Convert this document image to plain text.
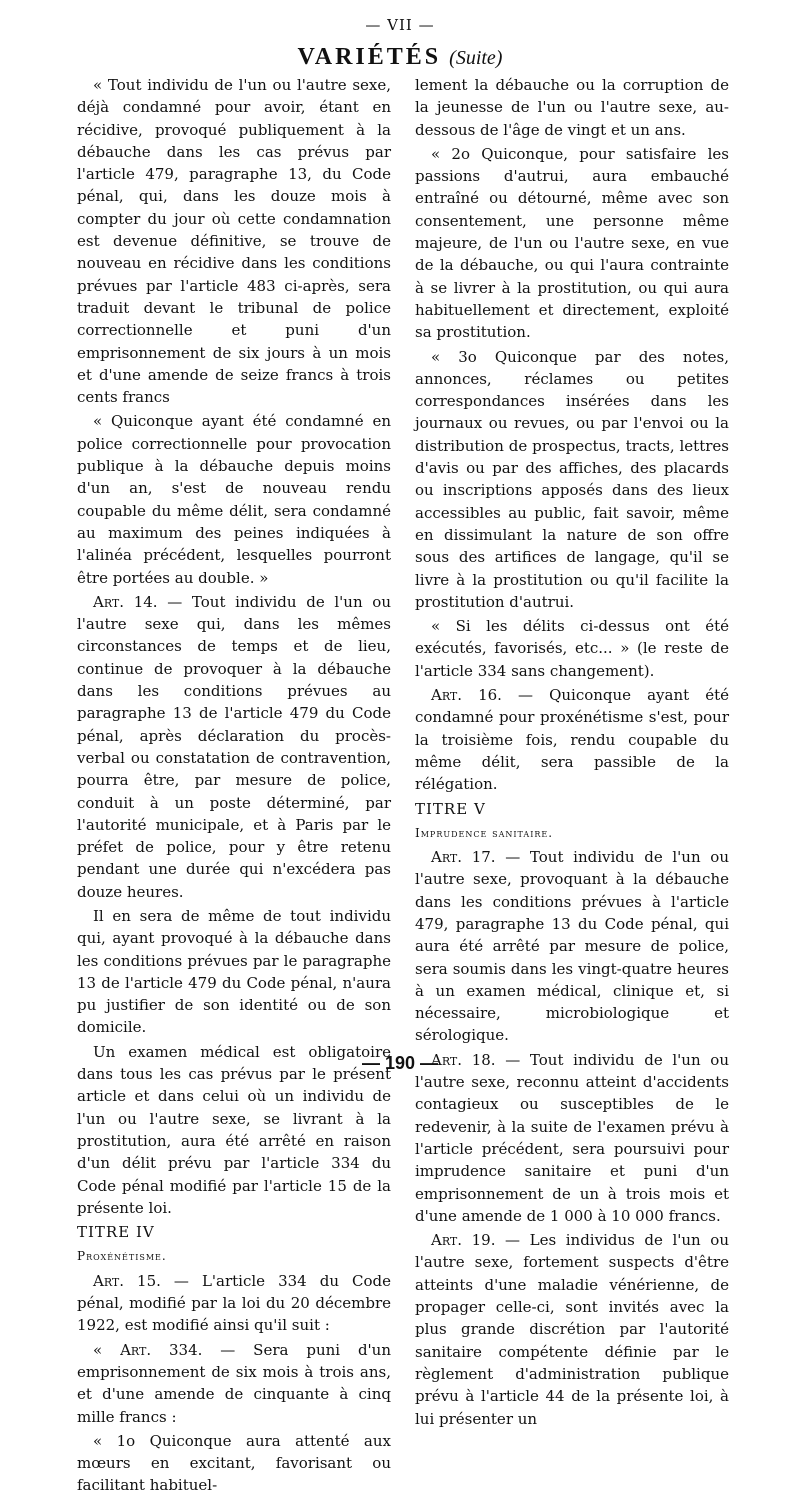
— VII —
VARIÉTÉS (Suite)

« Tout individu de l'un ou l'autre sexe, déjà condamné pour avoir, étant en récidive, provoqué publiquement à la débauche dans les cas prévus par l'article 479, paragraphe 13, du Code pénal, qui, dans les douze mois à compter du jour où cette condamnation est devenue définitive, se trouve de nouveau en récidive dans les conditions prévues par l'article 483 ci-après, sera traduit devant le tribunal de police correctionnelle et puni d'un emprisonnement de six jours à un mois et d'une amende de seize francs à trois cents francs

« Quiconque ayant été condamné en police correctionnelle pour provocation publique à la débauche depuis moins d'un an, s'est de nouveau rendu coupable du même délit, sera condamné au maximum des peines indiquées à l'alinéa précédent, lesquelles pourront être portées au double. »

Art. 14. — Tout individu de l'un ou l'autre sexe qui, dans les mêmes circonstances de temps et de lieu, continue de provoquer à la débauche dans les conditions prévues au paragraphe 13 de l'article 479 du Code pénal, après déclaration du procès-verbal ou constatation de contravention, pourra être, par mesure de police, conduit à un poste déterminé, par l'autorité municipale, et à Paris par le préfet de police, pour y être retenu pendant une durée qui n'excédera pas douze heures.

Il en sera de même de tout individu qui, ayant provoqué à la débauche dans les conditions prévues par le paragraphe 13 de l'article 479 du Code pénal, n'aura pu justifier de son identité ou de son domicile.

Un examen médical est obligatoire dans tous les cas prévus par le présent article et dans celui où un individu de l'un ou l'autre sexe, se livrant à la prostitution, aura été arrêté en raison d'un délit prévu par l'article 334 du Code pénal modifié par l'article 15 de la présente loi.

TITRE IV

Proxénétisme.

Art. 15. — L'article 334 du Code pénal, modifié par la loi du 20 décembre 1922, est modifié ainsi qu'il suit :

« Art. 334. — Sera puni d'un emprisonnement de six mois à trois ans, et d'une amende de cinquante à cinq mille francs :

« 1o Quiconque aura attenté aux mœurs en excitant, favorisant ou facilitant habituel-

lement la débauche ou la corruption de la jeunesse de l'un ou l'autre sexe, au-dessous de l'âge de vingt et un ans.

« 2o Quiconque, pour satisfaire les passions d'autrui, aura embauché entraîné ou détourné, même avec son consentement, une personne même majeure, de l'un ou l'autre sexe, en vue de la débauche, ou qui l'aura contrainte à se livrer à la prostitution, ou qui aura habituellement et directement, exploité sa prostitution.

« 3o Quiconque par des notes, annonces, réclames ou petites correspondances insérées dans les journaux ou revues, ou par l'envoi ou la distribution de prospectus, tracts, lettres d'avis ou par des affiches, des placards ou inscriptions apposés dans des lieux accessibles au public, fait savoir, même en dissimulant la nature de son offre sous des artifices de langage, qu'il se livre à la prostitution ou qu'il facilite la prostitution d'autrui.

« Si les délits ci-dessus ont été exécutés, favorisés, etc... » (le reste de l'article 334 sans changement).

Art. 16. — Quiconque ayant été condamné pour proxénétisme s'est, pour la troisième fois, rendu coupable du même délit, sera passible de la rélégation.

TITRE V

Imprudence sanitaire.

Art. 17. — Tout individu de l'un ou l'autre sexe, provoquant à la débauche dans les conditions prévues à l'article 479, paragraphe 13 du Code pénal, qui aura été arrêté par mesure de police, sera soumis dans les vingt-quatre heures à un examen médical, clinique et, si nécessaire, microbiologique et sérologique.

Art. 18. — Tout individu de l'un ou l'autre sexe, reconnu atteint d'accidents contagieux ou susceptibles de le redevenir, à la suite de l'examen prévu à l'article précédent, sera poursuivi pour imprudence sanitaire et puni d'un emprisonnement de un à trois mois et d'une amende de 1 000 à 10 000 francs.

Art. 19. — Les individus de l'un ou l'autre sexe, fortement suspects d'être atteints d'une maladie vénérienne, de propager celle-ci, sont invités avec la plus grande discrétion par l'autorité sanitaire compétente définie par le règlement d'administration publique prévu à l'article 44 de la présente loi, à lui présenter un

— 190 —
